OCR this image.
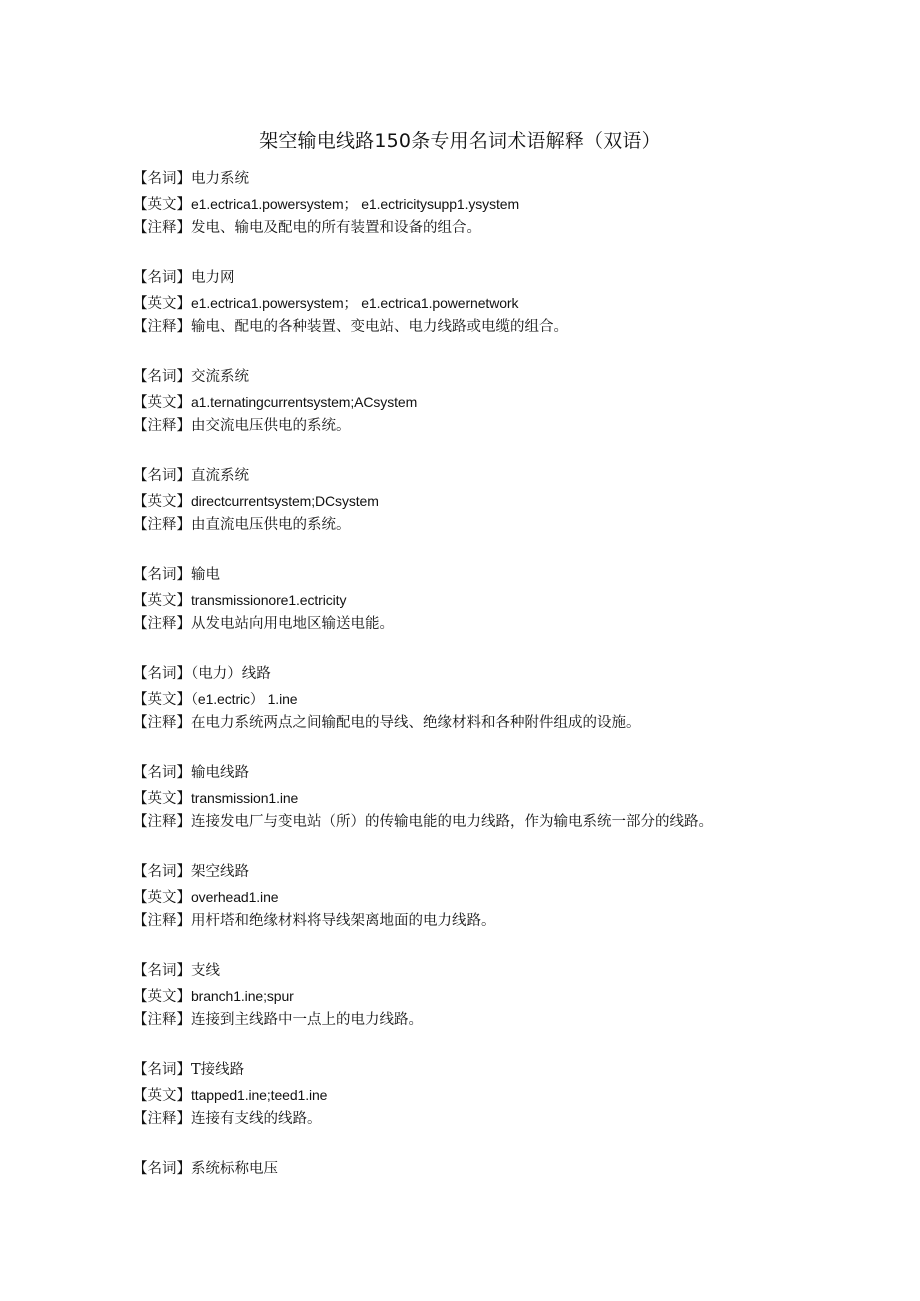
架空输电线路150条专用名词术语解释（双语）
【名词】电力系统
【英文】e1.ectrica1.powersystem； e1.ectricitysupp1.ysystem
【注释】发电、输电及配电的所有装置和设备的组合。
【名词】电力网
【英文】e1.ectrica1.powersystem； e1.ectrica1.powernetwork
【注释】输电、配电的各种装置、变电站、电力线路或电缆的组合。
【名词】交流系统
【英文】a1.ternatingcurrentsystem;ACsystem
【注释】由交流电压供电的系统。
【名词】直流系统
【英文】directcurrentsystem;DCsystem
【注释】由直流电压供电的系统。
【名词】输电
【英文】transmissionore1.ectricity
【注释】从发电站向用电地区输送电能。
【名词】（电力）线路
【英文】（e1.ectric） 1.ine
【注释】在电力系统两点之间输配电的导线、绝缘材料和各种附件组成的设施。
【名词】输电线路
【英文】transmission1.ine
【注释】连接发电厂与变电站（所）的传输电能的电力线路，作为输电系统一部分的线路。
【名词】架空线路
【英文】overhead1.ine
【注释】用杆塔和绝缘材料将导线架离地面的电力线路。
【名词】支线
【英文】branch1.ine;spur
【注释】连接到主线路中一点上的电力线路。
【名词】T接线路
【英文】ttapped1.ine;teed1.ine
【注释】连接有支线的线路。
【名词】系统标称电压
